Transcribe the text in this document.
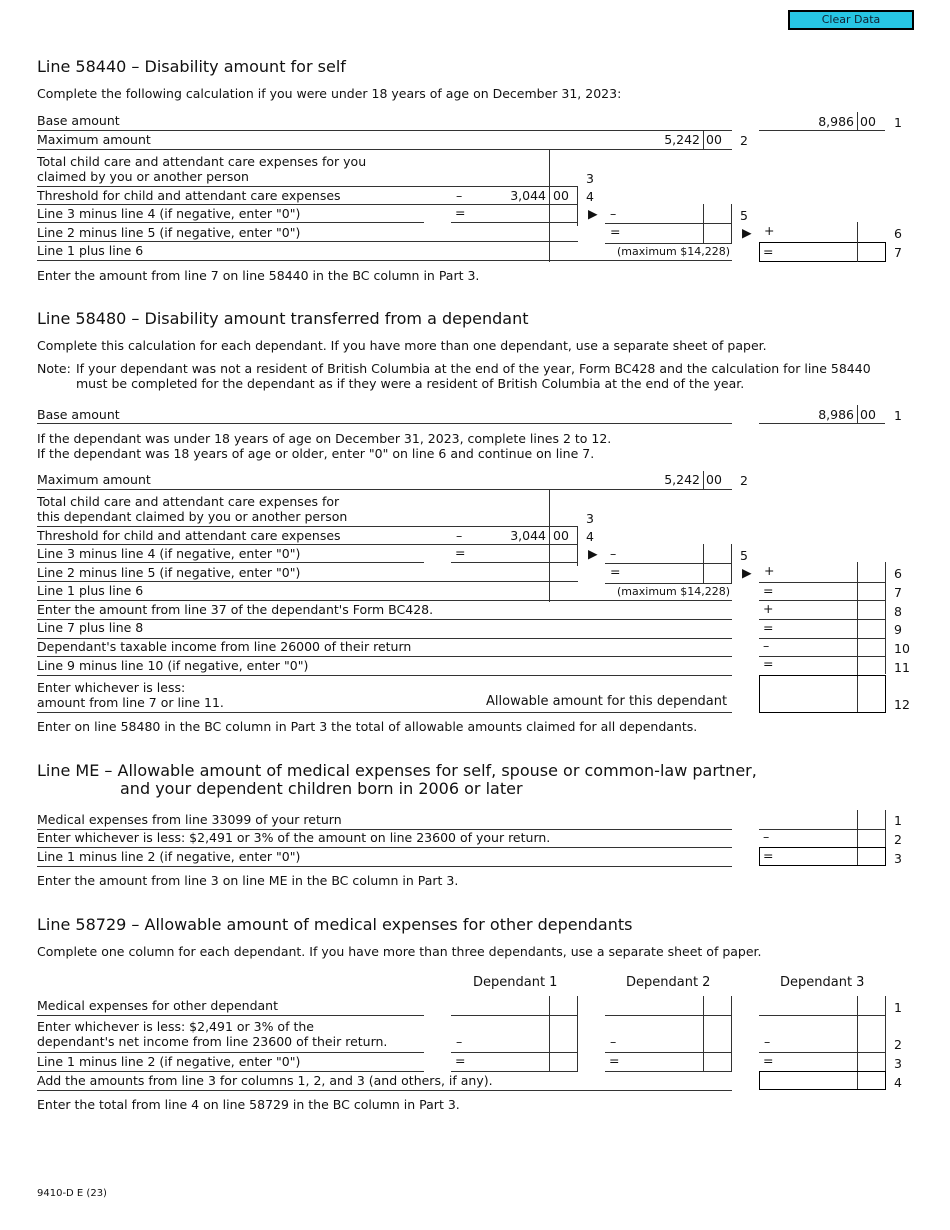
Clear Data
Line 58440 – Disability amount for self
Complete the following calculation if you were under 18 years of age on December 31, 2023:
Base amount	8,986 00 1
Maximum amount	5,242 00 2
Total child care and attendant care expenses for you
claimed by you or another person	3
Threshold for child and attendant care expenses	–	3,044 00 4
Line 3 minus line 4 (if negative, enter "0")	=	▶ –	5
Line 2 minus line 5 (if negative, enter "0")	=	▶ +	6
Line 1 plus line 6	(maximum $14,228)	=	7
Enter the amount from line 7 on line 58440 in the BC column in Part 3.
Line 58480 – Disability amount transferred from a dependant
Complete this calculation for each dependant. If you have more than one dependant, use a separate sheet of paper.
Note: If your dependant was not a resident of British Columbia at the end of the year, Form BC428 and the calculation for line 58440
must be completed for the dependant as if they were a resident of British Columbia at the end of the year.
Base amount	8,986 00 1
If the dependant was under 18 years of age on December 31, 2023, complete lines 2 to 12.
If the dependant was 18 years of age or older, enter "0" on line 6 and continue on line 7.
Maximum amount	5,242 00 2
Total child care and attendant care expenses for
this dependant claimed by you or another person	3
Threshold for child and attendant care expenses	–	3,044 00 4
Line 3 minus line 4 (if negative, enter "0")	=	▶ –	5
Line 2 minus line 5 (if negative, enter "0")	=	▶ +	6
Line 1 plus line 6	(maximum $14,228)	=	7
Enter the amount from line 37 of the dependant's Form BC428.	+	8
Line 7 plus line 8	=	9
Dependant's taxable income from line 26000 of their return	–	10
Line 9 minus line 10 (if negative, enter "0")	=	11
Enter whichever is less:
amount from line 7 or line 11.	Allowable amount for this dependant	12
Enter on line 58480 in the BC column in Part 3 the total of allowable amounts claimed for all dependants.
Line ME – Allowable amount of medical expenses for self, spouse or common-law partner,
and your dependent children born in 2006 or later
Medical expenses from line 33099 of your return	1
Enter whichever is less: $2,491 or 3% of the amount on line 23600 of your return.	–	2
Line 1 minus line 2 (if negative, enter "0")	=	3
Enter the amount from line 3 on line ME in the BC column in Part 3.
Line 58729 – Allowable amount of medical expenses for other dependants
Complete one column for each dependant. If you have more than three dependants, use a separate sheet of paper.
Dependant 1	Dependant 2	Dependant 3
Medical expenses for other dependant	1
Enter whichever is less: $2,491 or 3% of the
dependant's net income from line 23600 of their return.	–	–	–	2
Line 1 minus line 2 (if negative, enter "0")	=	=	=	3
Add the amounts from line 3 for columns 1, 2, and 3 (and others, if any).	4
Enter the total from line 4 on line 58729 in the BC column in Part 3.
9410-D E (23)
